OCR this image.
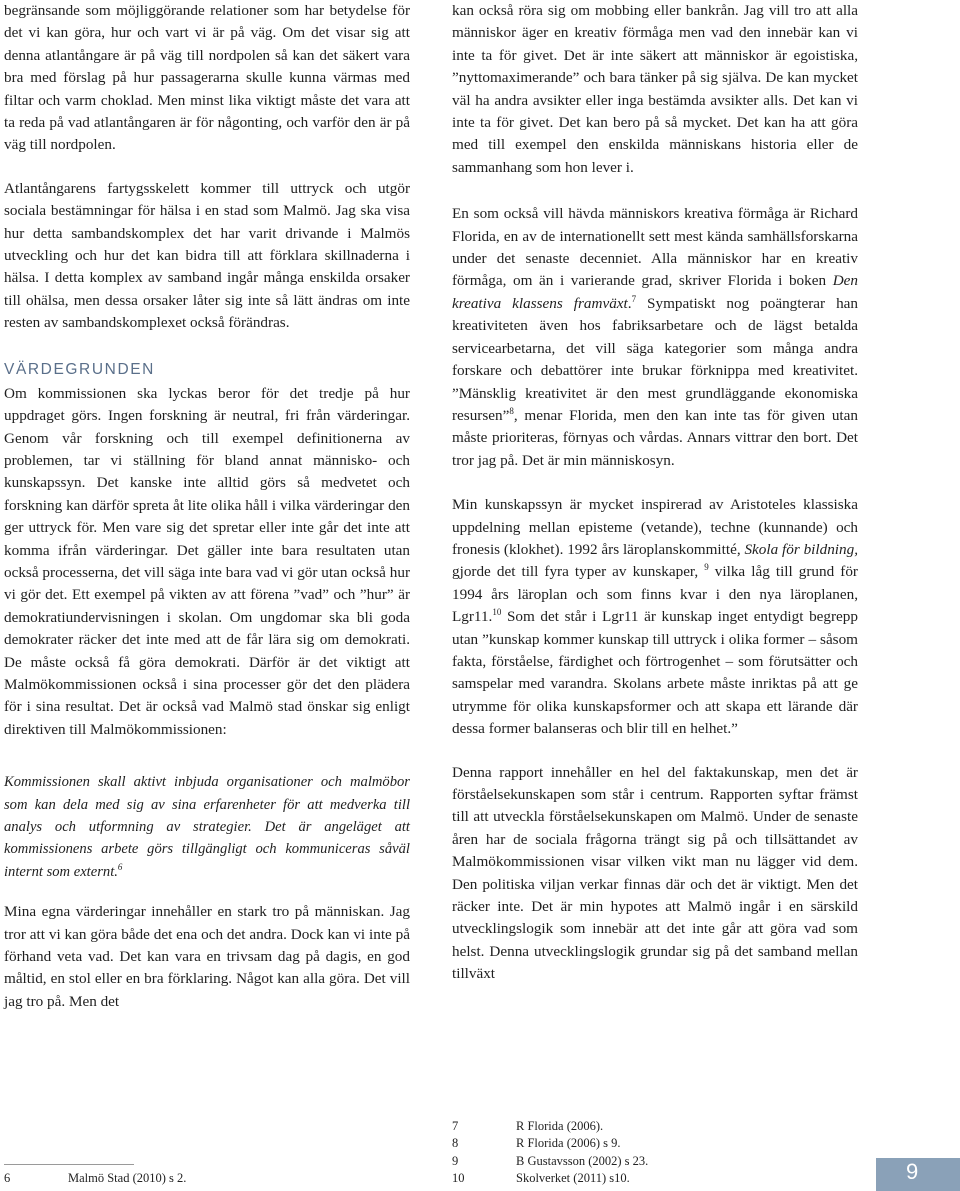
begränsande som möjliggörande relationer som har betydelse för det vi kan göra, hur och vart vi är på väg. Om det visar sig att denna atlantångare är på väg till nordpolen så kan det säkert vara bra med förslag på hur passagerarna skulle kunna värmas med filtar och varm choklad. Men minst lika viktigt måste det vara att ta reda på vad atlantångaren är för någonting, och varför den är på väg till nordpolen.

Atlantångarens fartygsskelett kommer till uttryck och utgör sociala bestämningar för hälsa i en stad som Malmö. Jag ska visa hur detta sambandskomplex det har varit drivande i Malmös utveckling och hur det kan bidra till att förklara skillnaderna i hälsa. I detta komplex av samband ingår många enskilda orsaker till ohälsa, men dessa orsaker låter sig inte så lätt ändras om inte resten av sambandskomplexet också förändras.

VÄRDEGRUNDEN

Om kommissionen ska lyckas beror för det tredje på hur uppdraget görs. Ingen forskning är neutral, fri från värderingar. Genom vår forskning och till exempel definitionerna av problemen, tar vi ställning för bland annat människo- och kunskapssyn. Det kanske inte alltid görs så medvetet och forskning kan därför spreta åt lite olika håll i vilka värderingar den ger uttryck för. Men vare sig det spretar eller inte går det inte att komma ifrån värderingar. Det gäller inte bara resultaten utan också processerna, det vill säga inte bara vad vi gör utan också hur vi gör det. Ett exempel på vikten av att förena ”vad” och ”hur” är demokratiundervisningen i skolan. Om ungdomar ska bli goda demokrater räcker det inte med att de får lära sig om demokrati. De måste också få göra demokrati. Därför är det viktigt att Malmökommissionen också i sina processer gör det den plädera för i sina resultat. Det är också vad Malmö stad önskar sig enligt direktiven till Malmökommissionen:

Kommissionen skall aktivt inbjuda organisationer och malmöbor som kan dela med sig av sina erfarenheter för att medverka till analys och utformning av strategier. Det är angeläget att kommissionens arbete görs tillgängligt och kommuniceras såväl internt som externt.$^6$

Mina egna värderingar innehåller en stark tro på människan. Jag tror att vi kan göra både det ena och det andra. Dock kan vi inte på förhand veta vad. Det kan vara en trivsam dag på dagis, en god måltid, en stol eller en bra förklaring. Något kan alla göra. Det vill jag tro på. Men det

kan också röra sig om mobbing eller bankrån. Jag vill tro att alla människor äger en kreativ förmåga men vad den innebär kan vi inte ta för givet. Det är inte säkert att människor är egoistiska, ”nyttomaximerande” och bara tänker på sig själva. De kan mycket väl ha andra avsikter eller inga bestämda avsikter alls. Det kan vi inte ta för givet. Det kan bero på så mycket. Det kan ha att göra med till exempel den enskilda människans historia eller de sammanhang som hon lever i.

En som också vill hävda människors kreativa förmåga är Richard Florida, en av de internationellt sett mest kända samhällsforskarna under det senaste decenniet. Alla människor har en kreativ förmåga, om än i varierande grad, skriver Florida i boken Den kreativa klassens framväxt.$^7$ Sympatiskt nog poängterar han kreativiteten även hos fabriksarbetare och de lägst betalda servicearbetarna, det vill säga kategorier som många andra forskare och debattörer inte brukar förknippa med kreativitet. ”Mänsklig kreativitet är den mest grundläggande ekonomiska resursen”$^8$, menar Florida, men den kan inte tas för given utan måste prioriteras, förnyas och vårdas. Annars vittrar den bort. Det tror jag på. Det är min människosyn.

Min kunskapssyn är mycket inspirerad av Aristoteles klassiska uppdelning mellan episteme (vetande), techne (kunnande) och fronesis (klokhet). 1992 års läroplanskommitté, Skola för bildning, gjorde det till fyra typer av kunskaper, $^9$ vilka låg till grund för 1994 års läroplan och som finns kvar i den nya läroplanen, Lgr11.10 Som det står i Lgr11 är kunskap inget entydigt begrepp utan ”kunskap kommer kunskap till uttryck i olika former – såsom fakta, förståelse, färdighet och förtrogenhet – som förutsätter och samspelar med varandra. Skolans arbete måste inriktas på att ge utrymme för olika kunskapsformer och att skapa ett lärande där dessa former balanseras och blir till en helhet.”

Denna rapport innehåller en hel del faktakunskap, men det är förståelsekunskapen som står i centrum. Rapporten syftar främst till att utveckla förståelsekunskapen om Malmö. Under de senaste åren har de sociala frågorna trängt sig på och tillsättandet av Malmökommissionen visar vilken vikt man nu lägger vid dem. Den politiska viljan verkar finnas där och det är viktigt. Men det räcker inte. Det är min hypotes att Malmö ingår i en särskild utvecklingslogik som innebär att det inte går att göra vad som helst. Denna utvecklingslogik grundar sig på det samband mellan tillväxt

6	Malmö Stad (2010) s 2.
7	R Florida (2006).
8	R Florida (2006) s 9.
9	B Gustavsson (2002) s 23.
10	Skolverket (2011) s10.	9
